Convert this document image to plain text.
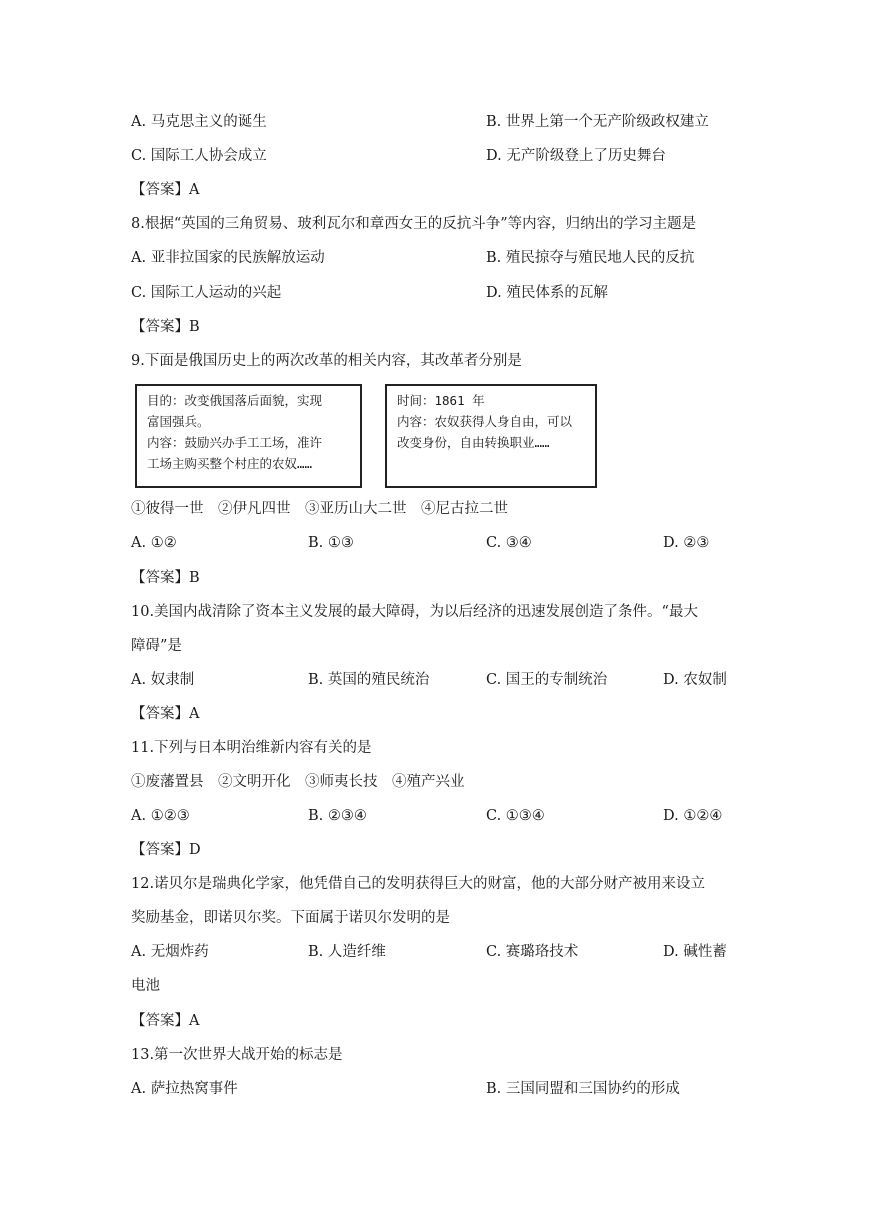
A. 马克思主义的诞生	B. 世界上第一个无产阶级政权建立
C. 国际工人协会成立	D. 无产阶级登上了历史舞台
【答案】A
8.根据“英国的三角贸易、玻利瓦尔和章西女王的反抗斗争”等内容，归纳出的学习主题是
A. 亚非拉国家的民族解放运动	B. 殖民掠夺与殖民地人民的反抗
C. 国际工人运动的兴起	D. 殖民体系的瓦解
【答案】B
9.下面是俄国历史上的两次改革的相关内容，其改革者分别是
目的：改变俄国落后面貌，实现
富国强兵。
内容：鼓励兴办手工工场，准许
工场主购买整个村庄的农奴……
时间：1861 年
内容：农奴获得人身自由，可以
改变身份，自由转换职业……
①彼得一世　②伊凡四世　③亚历山大二世　④尼古拉二世
A. ①②	B. ①③	C. ③④	D. ②③
【答案】B
10.美国内战清除了资本主义发展的最大障碍，为以后经济的迅速发展创造了条件。“最大
障碍”是
A. 奴隶制	B. 英国的殖民统治	C. 国王的专制统治	D. 农奴制
【答案】A
11.下列与日本明治维新内容有关的是
①废藩置县　②文明开化　③师夷长技　④殖产兴业
A. ①②③	B. ②③④	C. ①③④	D. ①②④
【答案】D
12.诺贝尔是瑞典化学家，他凭借自己的发明获得巨大的财富，他的大部分财产被用来设立
奖励基金，即诺贝尔奖。下面属于诺贝尔发明的是
A. 无烟炸药	B. 人造纤维	C. 赛璐珞技术	D. 碱性蓄
电池
【答案】A
13.第一次世界大战开始的标志是
A. 萨拉热窝事件	B. 三国同盟和三国协约的形成
